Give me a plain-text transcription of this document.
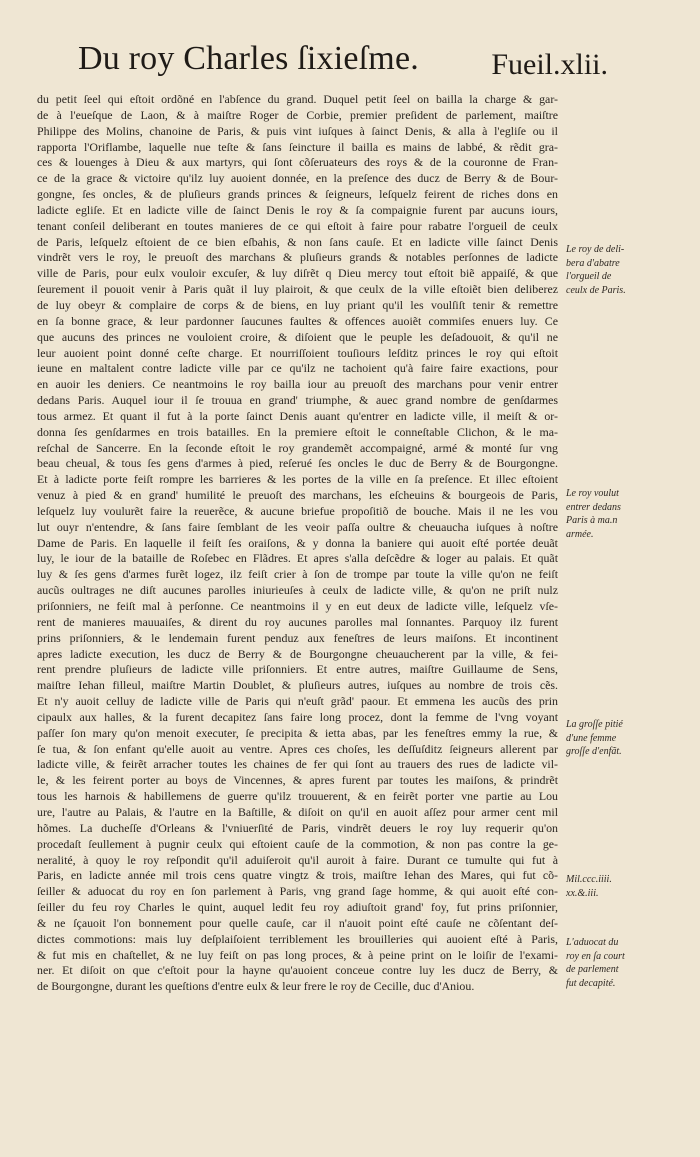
Du roy Charles ſixieſme. Fueil.xlii.
du petit ſeel qui eſtoit ordõné en l'abſence du grand. Duquel petit ſeel on bailla la charge & gar-
de à l'eueſque de Laon, & à maiſtre Roger de Corbie, premier preſident de parlement, maiſtre
Philippe des Molins, chanoine de Paris, & puis vint iuſques à ſainct Denis, & alla à l'egliſe ou il
rapporta l'Oriflambe, laquelle nue teſte & ſans ſeincture il bailla es mains de labbé, & rẽdit gra-
ces & louenges à Dieu & aux martyrs, qui ſont cõſeruateurs des roys & de la couronne de Fran-
ce de la grace & victoire qu'ilz luy auoient donnée, en la preſence des ducz de Berry & de Bour-
gongne, ſes oncles, & de pluſieurs grands princes & ſeigneurs, leſquelz feirent de riches dons en
ladicte egliſe. Et en ladicte ville de ſainct Denis le roy & ſa compaignie furent par aucuns iours,
tenant conſeil deliberant en toutes manieres de ce qui eſtoit à faire pour rabatre l'orgueil de ceulx
de Paris, leſquelz eſtoient de ce bien eſbahis, & non ſans cauſe. Et en ladicte ville ſainct Denis
vindrẽt vers le roy, le preuoſt des marchans & pluſieurs grands & notables perſonnes de ladicte
ville de Paris, pour eulx vouloir excuſer, & luy diſrẽt q Dieu mercy tout eſtoit biẽ appaiſé, & que
ſeurement il pouoit venir à Paris quãt il luy plairoit, & que ceulx de la ville eſtoiẽt bien deliberez
de luy obeyr & complaire de corps & de biens, en luy priant qu'il les voulſiſt tenir & remettre
en ſa bonne grace, & leur pardonner ſaucunes faultes & offences auoiẽt commiſes enuers luy. Ce
que aucuns des princes ne vouloient croire, & diſoient que le peuple les deſadouoit, & qu'il ne
leur auoient point donné ceſte charge. Et nourriſſoient touſiours leſditz princes le roy qui eſtoit
ieune en maltalent contre ladicte ville par ce qu'ilz ne tachoient qu'à faire faire exactions, pour
en auoir les deniers. Ce neantmoins le roy bailla iour au preuoſt des marchans pour venir entrer
dedans Paris. Auquel iour il ſe trouua en grand' triumphe, & auec grand nombre de genſdarmes
tous armez. Et quant il fut à la porte ſainct Denis auant qu'entrer en ladicte ville, il meiſt & or-
donna ſes genſdarmes en trois batailles. En la premiere eſtoit le conneſtable Clichon, & le ma-
reſchal de Sancerre. En la ſeconde eſtoit le roy grandemẽt accompaigné, armé & monté ſur vng
beau cheual, & tous ſes gens d'armes à pied, reſerué ſes oncles le duc de Berry & de Bourgongne.
Et à ladicte porte feiſt rompre les barrieres & les portes de la ville en ſa preſence. Et illec eſtoient
venuz à pied & en grand' humilité le preuoſt des marchans, les eſcheuins & bourgeois de Paris,
leſquelz luy voulurẽt faire la reuerẽce, & aucune briefue propoſitiõ de bouche. Mais il ne les vou
lut ouyr n'entendre, & ſans faire ſemblant de les veoir paſſa oultre & cheuaucha iuſques à noſtre
Dame de Paris. En laquelle il feiſt ſes oraiſons, & y donna la baniere qui auoit eſté portée deuãt
luy, le iour de la bataille de Roſebec en Flãdres. Et apres s'alla deſcẽdre & loger au palais. Et quãt
luy & ſes gens d'armes furẽt logez, ilz feiſt crier à ſon de trompe par toute la ville qu'on ne feiſt
aucũs oultrages ne diſt aucunes parolles iniurieuſes à ceulx de ladicte ville, & qu'on ne priſt nulz
priſonniers, ne feiſt mal à perſonne. Ce neantmoins il y en eut deux de ladicte ville, leſquelz vſe-
rent de manieres mauuaiſes, & dirent du roy aucunes parolles mal ſonnantes. Parquoy ilz furent
prins priſonniers, & le lendemain furent penduz aux feneſtres de leurs maiſons. Et incontinent
apres ladicte execution, les ducz de Berry & de Bourgongne cheuaucherent par la ville, & fei-
rent prendre pluſieurs de ladicte ville priſonniers. Et entre autres, maiſtre Guillaume de Sens,
maiſtre Iehan filleul, maiſtre Martin Doublet, & pluſieurs autres, iuſques au nombre de trois cẽs.
Et n'y auoit celluy de ladicte ville de Paris qui n'euſt grãd' paour. Et emmena les aucũs des prin
cipaulx aux halles, & la furent decapitez ſans faire long procez, dont la femme de l'vng voyant
paſſer ſon mary qu'on menoit executer, ſe precipita & ietta abas, par les feneſtres emmy la rue, &
ſe tua, & ſon enfant qu'elle auoit au ventre. Apres ces choſes, les deſſuſditz ſeigneurs allerent par
ladicte ville, & feirẽt arracher toutes les chaines de fer qui ſont au trauers des rues de ladicte vil-
le, & les feirent porter au boys de Vincennes, & apres furent par toutes les maiſons, & prindrẽt
tous les harnois & habillemens de guerre qu'ilz trouuerent, & en feirẽt porter vne partie au Lou
ure, l'autre au Palais, & l'autre en la Baſtille, & diſoit on qu'il en auoit aſſez pour armer cent mil
hõmes. La ducheſſe d'Orleans & l'vniuerſité de Paris, vindrẽt deuers le roy luy requerir qu'on
procedaſt ſeullement à pugnir ceulx qui eſtoient cauſe de la commotion, & non pas contre la ge-
neralité, à quoy le roy reſpondit qu'il aduiſeroit qu'il auroit à faire. Durant ce tumulte qui fut à
Paris, en ladicte année mil trois cens quatre vingtz & trois, maiſtre Iehan des Mares, qui fut cõ-
ſeiller & aduocat du roy en ſon parlement à Paris, vng grand ſage homme, & qui auoit eſté con-
ſeiller du feu roy Charles le quint, auquel ledit feu roy adiuſtoit grand' foy, fut prins priſonnier,
& ne ſçauoit l'on bonnement pour quelle cauſe, car il n'auoit point eſté cauſe ne cõſentant deſ-
dictes commotions: mais luy deſplaiſoient terriblement les brouilleries qui auoient eſté à Paris,
& fut mis en chaſtellet, & ne luy feiſt on pas long proces, & à peine print on le loiſir de l'exami-
ner. Et diſoit on que c'eſtoit pour la hayne qu'auoient conceue contre luy les ducz de Berry, &
de Bourgongne, durant les queſtions d'entre eulx & leur frere le roy de Cecille, duc d'Aniou.
Le roy de deli-
bera d'abatre
l'orgueil de
ceulx de Paris.
Le roy voulut
entrer dedans
Paris à ma.n
armée.
La groſſe pitié
d'une femme
groſſe d'enfãt.
Mil.ccc.iiii.
xx.&.iii.
L'aduocat du
roy en ſa court
de parlement
fut decapité.
